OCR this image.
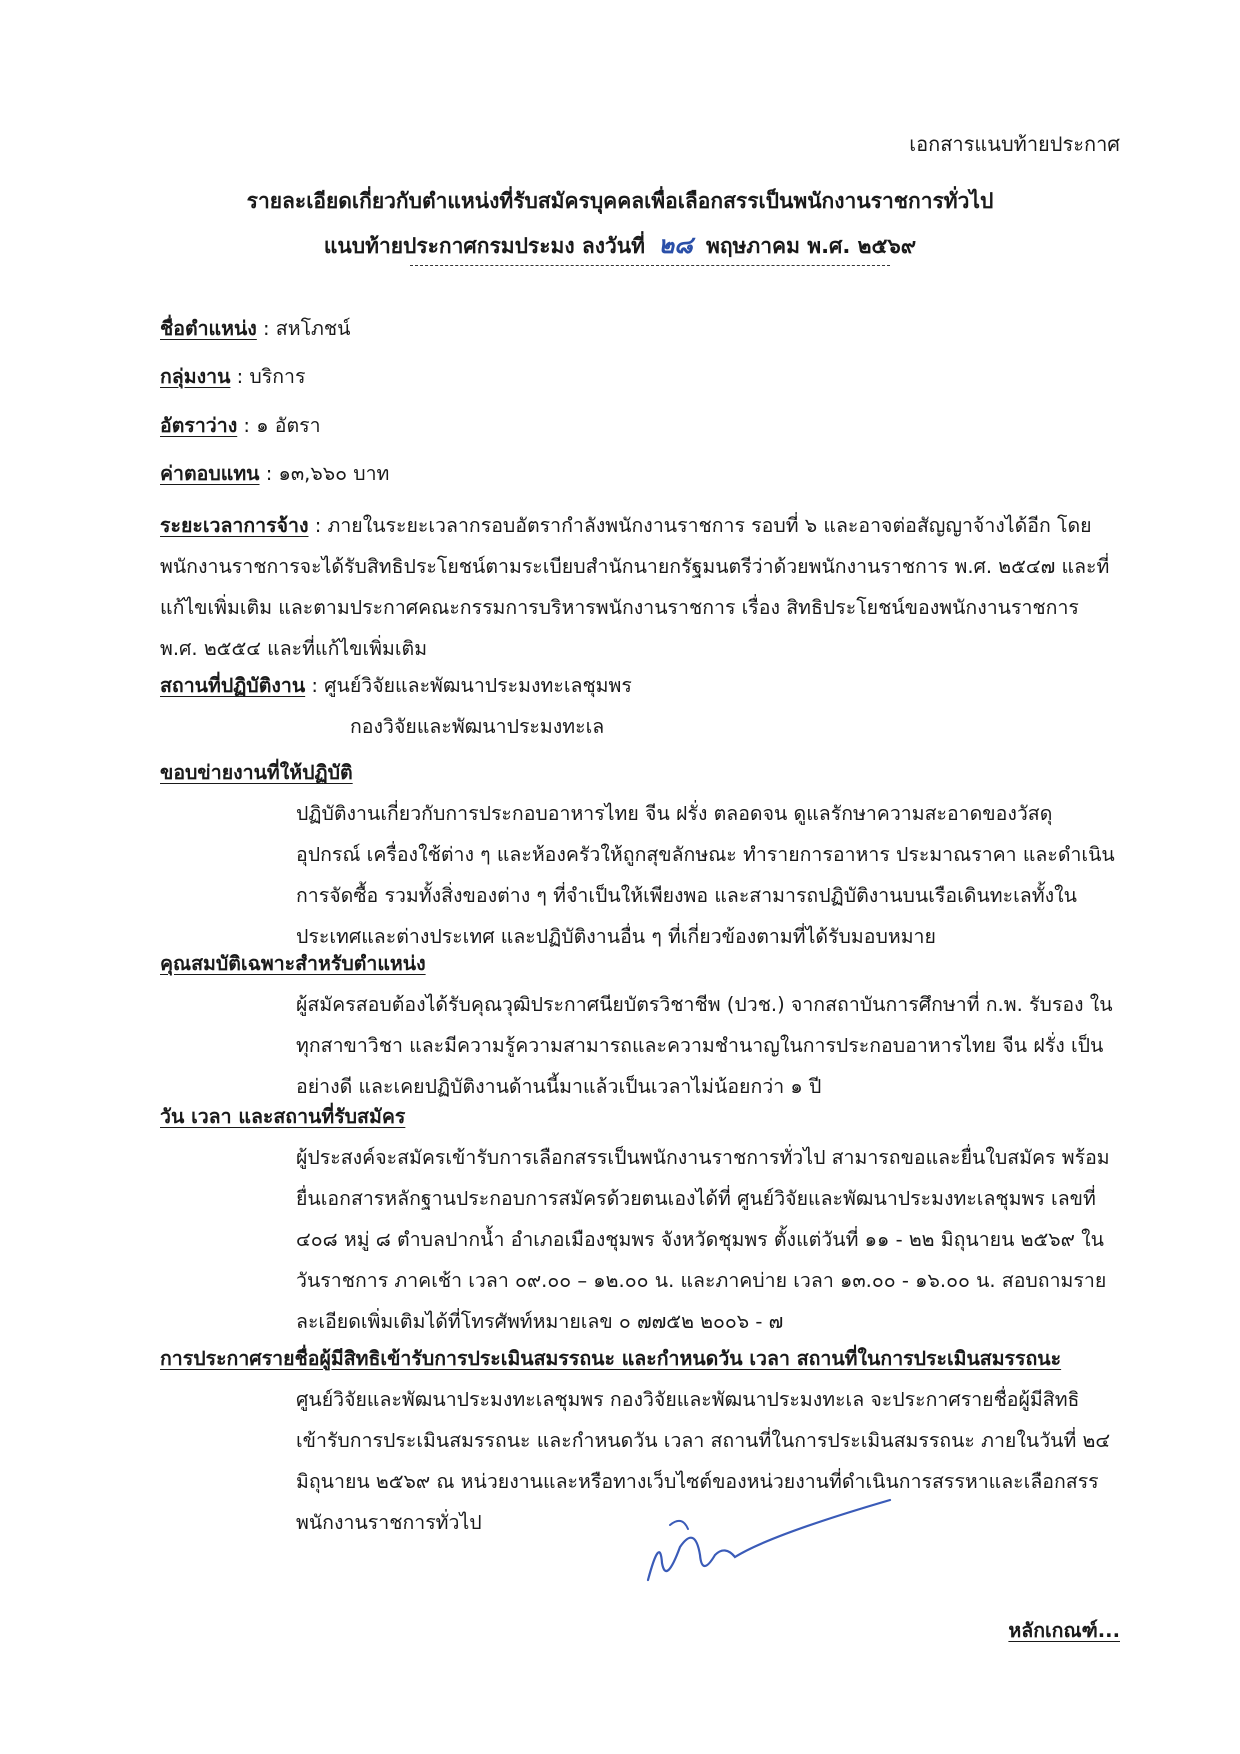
เอกสารแนบท้ายประกาศ
รายละเอียดเกี่ยวกับตำแหน่งที่รับสมัครบุคคลเพื่อเลือกสรรเป็นพนักงานราชการทั่วไป
แนบท้ายประกาศกรมประมง ลงวันที่ ๒๘ พฤษภาคม พ.ศ. ๒๕๖๙
ชื่อตำแหน่ง : สหโภชน์
กลุ่มงาน : บริการ
อัตราว่าง : ๑ อัตรา
ค่าตอบแทน : ๑๓,๖๖๐ บาท
ระยะเวลาการจ้าง : ภายในระยะเวลากรอบอัตรากำลังพนักงานราชการ รอบที่ ๖ และอาจต่อสัญญาจ้างได้อีก โดยพนักงานราชการจะได้รับสิทธิประโยชน์ตามระเบียบสำนักนายกรัฐมนตรีว่าด้วยพนักงานราชการ พ.ศ. ๒๕๔๗ และที่แก้ไขเพิ่มเติม และตามประกาศคณะกรรมการบริหารพนักงานราชการ เรื่อง สิทธิประโยชน์ของพนักงานราชการ พ.ศ. ๒๕๕๔ และที่แก้ไขเพิ่มเติม
สถานที่ปฏิบัติงาน : ศูนย์วิจัยและพัฒนาประมงทะเลชุมพร
กองวิจัยและพัฒนาประมงทะเล
ขอบข่ายงานที่ให้ปฏิบัติ
ปฏิบัติงานเกี่ยวกับการประกอบอาหารไทย จีน ฝรั่ง ตลอดจน ดูแลรักษาความสะอาดของวัสดุ อุปกรณ์ เครื่องใช้ต่าง ๆ และห้องครัวให้ถูกสุขลักษณะ ทำรายการอาหาร ประมาณราคา และดำเนินการจัดซื้อ รวมทั้งสิ่งของต่าง ๆ ที่จำเป็นให้เพียงพอ และสามารถปฏิบัติงานบนเรือเดินทะเลทั้งในประเทศและต่างประเทศ และปฏิบัติงานอื่น ๆ ที่เกี่ยวข้องตามที่ได้รับมอบหมาย
คุณสมบัติเฉพาะสำหรับตำแหน่ง
ผู้สมัครสอบต้องได้รับคุณวุฒิประกาศนียบัตรวิชาชีพ (ปวช.) จากสถาบันการศึกษาที่ ก.พ. รับรอง ในทุกสาขาวิชา และมีความรู้ความสามารถและความชำนาญในการประกอบอาหารไทย จีน ฝรั่ง เป็นอย่างดี และเคยปฏิบัติงานด้านนี้มาแล้วเป็นเวลาไม่น้อยกว่า ๑ ปี
วัน เวลา และสถานที่รับสมัคร
ผู้ประสงค์จะสมัครเข้ารับการเลือกสรรเป็นพนักงานราชการทั่วไป สามารถขอและยื่นใบสมัคร พร้อมยื่นเอกสารหลักฐานประกอบการสมัครด้วยตนเองได้ที่ ศูนย์วิจัยและพัฒนาประมงทะเลชุมพร เลขที่ ๔๐๘ หมู่ ๘ ตำบลปากน้ำ อำเภอเมืองชุมพร จังหวัดชุมพร ตั้งแต่วันที่ ๑๑ - ๒๒ มิถุนายน ๒๕๖๙ ในวันราชการ ภาคเช้า เวลา ๐๙.๐๐ – ๑๒.๐๐ น. และภาคบ่าย เวลา ๑๓.๐๐ - ๑๖.๐๐ น. สอบถามรายละเอียดเพิ่มเติมได้ที่โทรศัพท์หมายเลข ๐ ๗๗๕๒ ๒๐๐๖ - ๗
การประกาศรายชื่อผู้มีสิทธิเข้ารับการประเมินสมรรถนะ และกำหนดวัน เวลา สถานที่ในการประเมินสมรรถนะ
ศูนย์วิจัยและพัฒนาประมงทะเลชุมพร กองวิจัยและพัฒนาประมงทะเล จะประกาศรายชื่อผู้มีสิทธิ เข้ารับการประเมินสมรรถนะ และกำหนดวัน เวลา สถานที่ในการประเมินสมรรถนะ ภายในวันที่ ๒๔ มิถุนายน ๒๕๖๙ ณ หน่วยงานและหรือทางเว็บไซต์ของหน่วยงานที่ดำเนินการสรรหาและเลือกสรรพนักงานราชการทั่วไป
หลักเกณฑ์...
